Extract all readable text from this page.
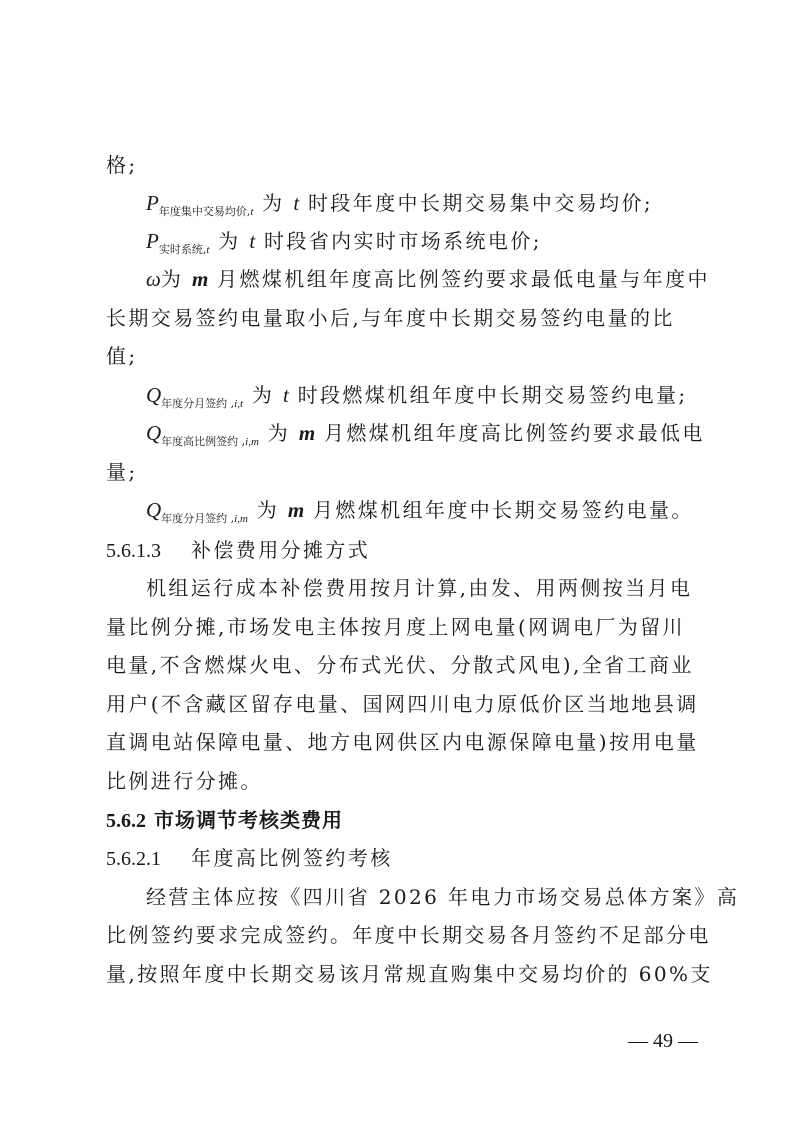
格;
$P_{年度集中交易均价,t}$ 为 t 时段年度中长期交易集中交易均价;
$P_{实时系统,t}$ 为 t 时段省内实时市场系统电价;
ω为 m 月燃煤机组年度高比例签约要求最低电量与年度中
长期交易签约电量取小后,与年度中长期交易签约电量的比
值;
$Q_{年度分月签约 ,i,t}$ 为 t 时段燃煤机组年度中长期交易签约电量;
$Q_{年度高比例签约 ,i,m}$ 为 m 月燃煤机组年度高比例签约要求最低电
量;
$Q_{年度分月签约 ,i,m}$ 为 m 月燃煤机组年度中长期交易签约电量。
5.6.1.3 补偿费用分摊方式
机组运行成本补偿费用按月计算,由发、用两侧按当月电
量比例分摊,市场发电主体按月度上网电量(网调电厂为留川
电量,不含燃煤火电、分布式光伏、分散式风电),全省工商业
用户(不含藏区留存电量、国网四川电力原低价区当地地县调
直调电站保障电量、地方电网供区内电源保障电量)按用电量
比例进行分摊。
5.6.2 市场调节考核类费用
5.6.2.1 年度高比例签约考核
经营主体应按《四川省 2026 年电力市场交易总体方案》高
比例签约要求完成签约。年度中长期交易各月签约不足部分电
量,按照年度中长期交易该月常规直购集中交易均价的 60%支
— 49 —
